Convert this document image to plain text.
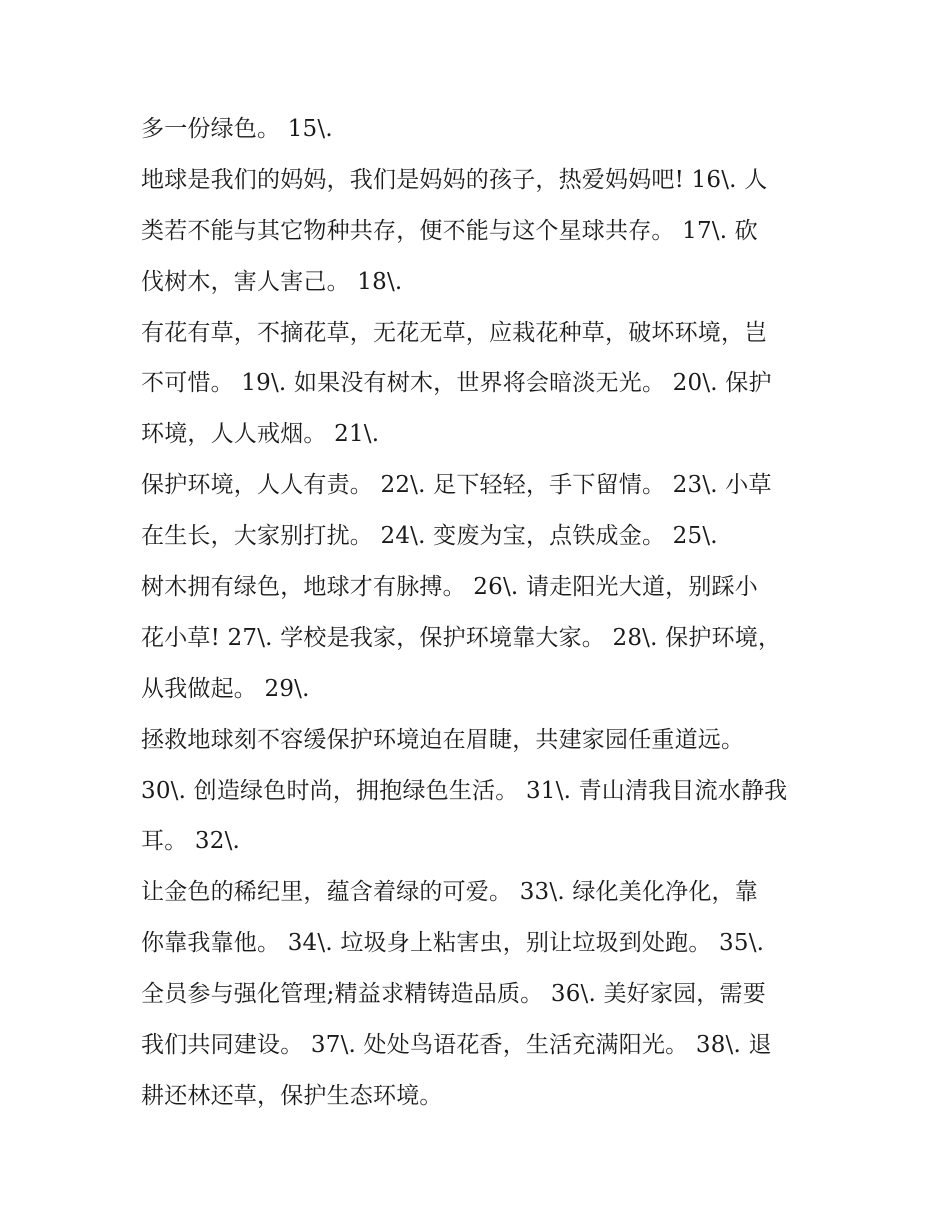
多一份绿色。 15\.
地球是我们的妈妈，我们是妈妈的孩子，热爱妈妈吧! 16\. 人
类若不能与其它物种共存，便不能与这个星球共存。 17\. 砍
伐树木，害人害己。 18\.
有花有草，不摘花草，无花无草，应栽花种草，破坏环境，岂
不可惜。 19\. 如果没有树木，世界将会暗淡无光。 20\. 保护
环境，人人戒烟。 21\.
保护环境，人人有责。 22\. 足下轻轻，手下留情。 23\. 小草
在生长，大家别打扰。 24\. 变废为宝，点铁成金。 25\.
树木拥有绿色，地球才有脉搏。 26\. 请走阳光大道，别踩小
花小草! 27\. 学校是我家，保护环境靠大家。 28\. 保护环境，
从我做起。 29\.
拯救地球刻不容缓保护环境迫在眉睫，共建家园任重道远。
30\. 创造绿色时尚，拥抱绿色生活。 31\. 青山清我目流水静我
耳。 32\.
让金色的稀纪里，蕴含着绿的可爱。 33\. 绿化美化净化，靠
你靠我靠他。 34\. 垃圾身上粘害虫，别让垃圾到处跑。 35\.
全员参与强化管理;精益求精铸造品质。 36\. 美好家园，需要
我们共同建设。 37\. 处处鸟语花香，生活充满阳光。 38\. 退
耕还林还草，保护生态环境。
